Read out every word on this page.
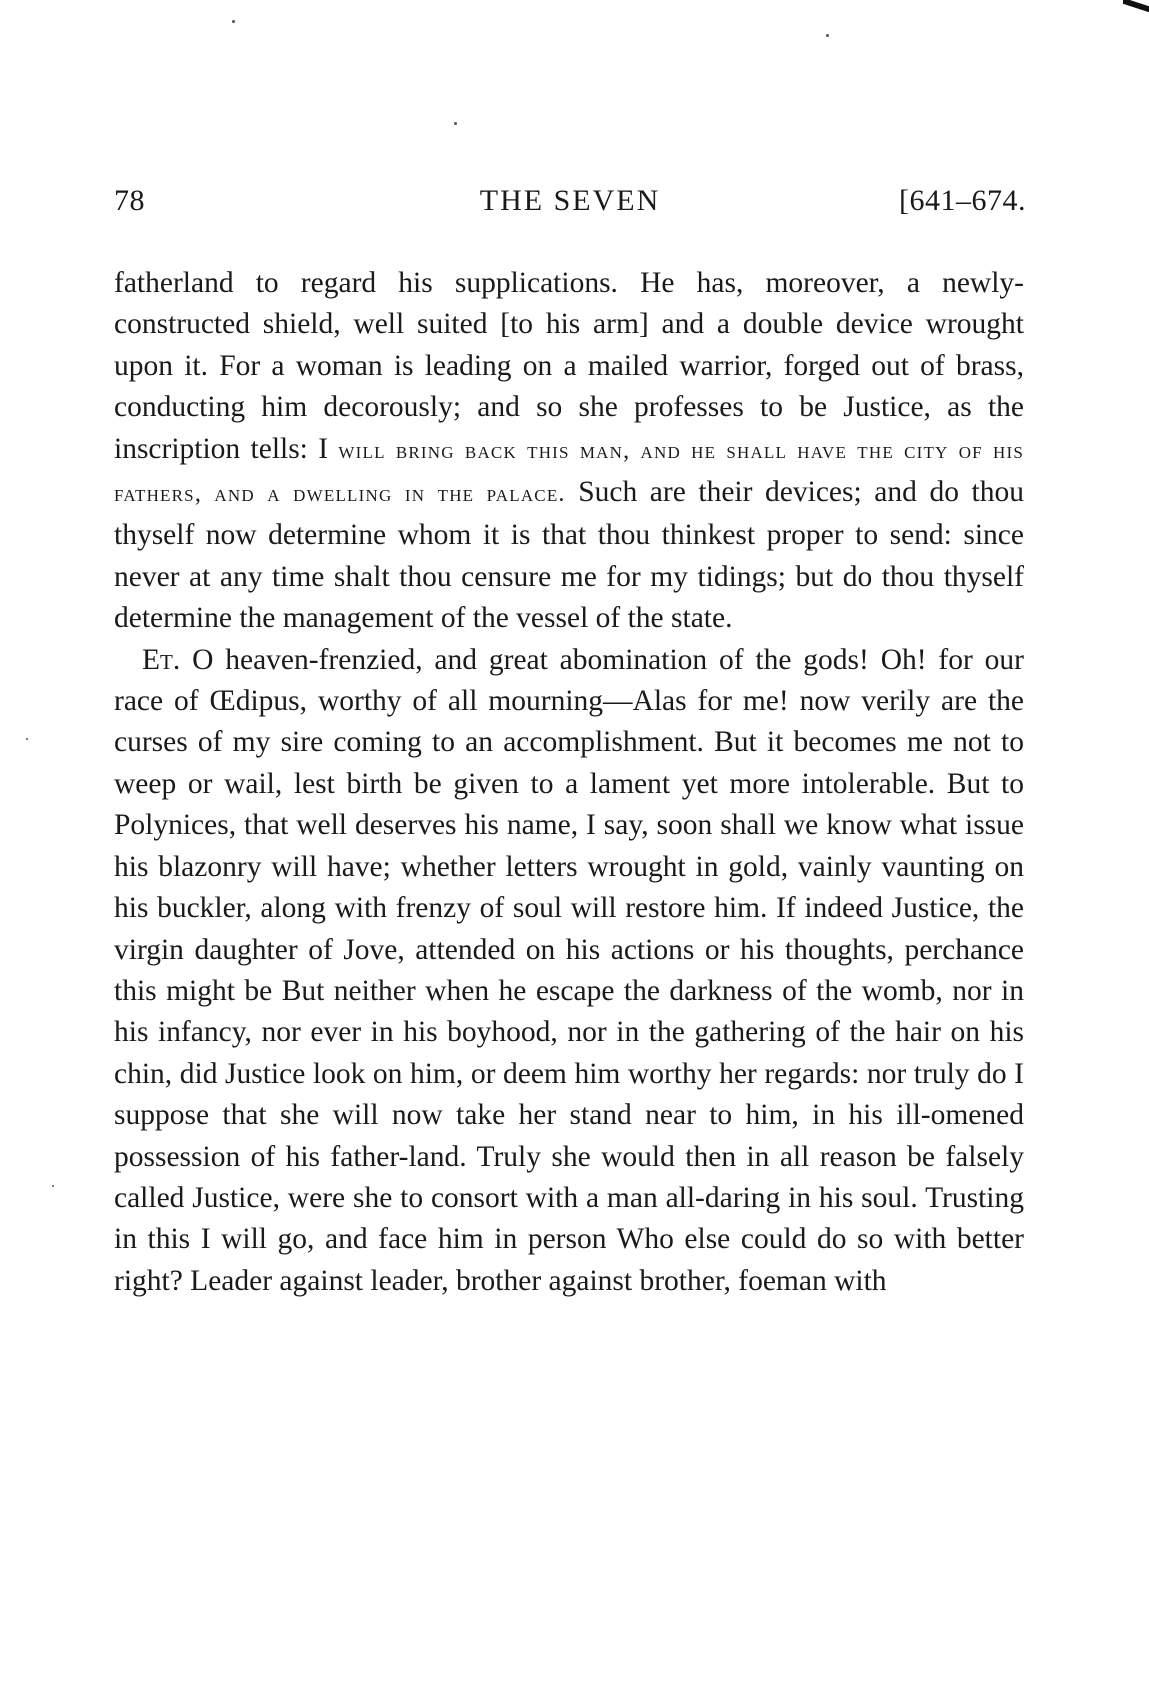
78	THE SEVEN	[641–674.

fatherland to regard his supplications. He has, moreover, a newly-constructed shield, well suited [to his arm] and a double device wrought upon it. For a woman is leading on a mailed warrior, forged out of brass, conducting him decorously; and so she professes to be Justice, as the inscription tells: I will bring back this man, and he shall have the city of his fathers, and a dwelling in the palace. Such are their devices; and do thou thyself now determine whom it is that thou thinkest proper to send: since never at any time shalt thou censure me for my tidings; but do thou thyself determine the management of the vessel of the state.

Et. O heaven-frenzied, and great abomination of the gods! Oh! for our race of Œdipus, worthy of all mourning—Alas for me! now verily are the curses of my sire coming to an accomplishment. But it becomes me not to weep or wail, lest birth be given to a lament yet more intolerable. But to Polynices, that well deserves his name, I say, soon shall we know what issue his blazonry will have; whether letters wrought in gold, vainly vaunting on his buckler, along with frenzy of soul will restore him. If indeed Justice, the virgin daughter of Jove, attended on his actions or his thoughts, perchance this might be But neither when he escape the darkness of the womb, nor in his infancy, nor ever in his boyhood, nor in the gathering of the hair on his chin, did Justice look on him, or deem him worthy her regards: nor truly do I suppose that she will now take her stand near to him, in his ill-omened possession of his father-land. Truly she would then in all reason be falsely called Justice, were she to consort with a man all-daring in his soul. Trusting in this I will go, and face him in person Who else could do so with better right? Leader against leader, brother against brother, foeman with
